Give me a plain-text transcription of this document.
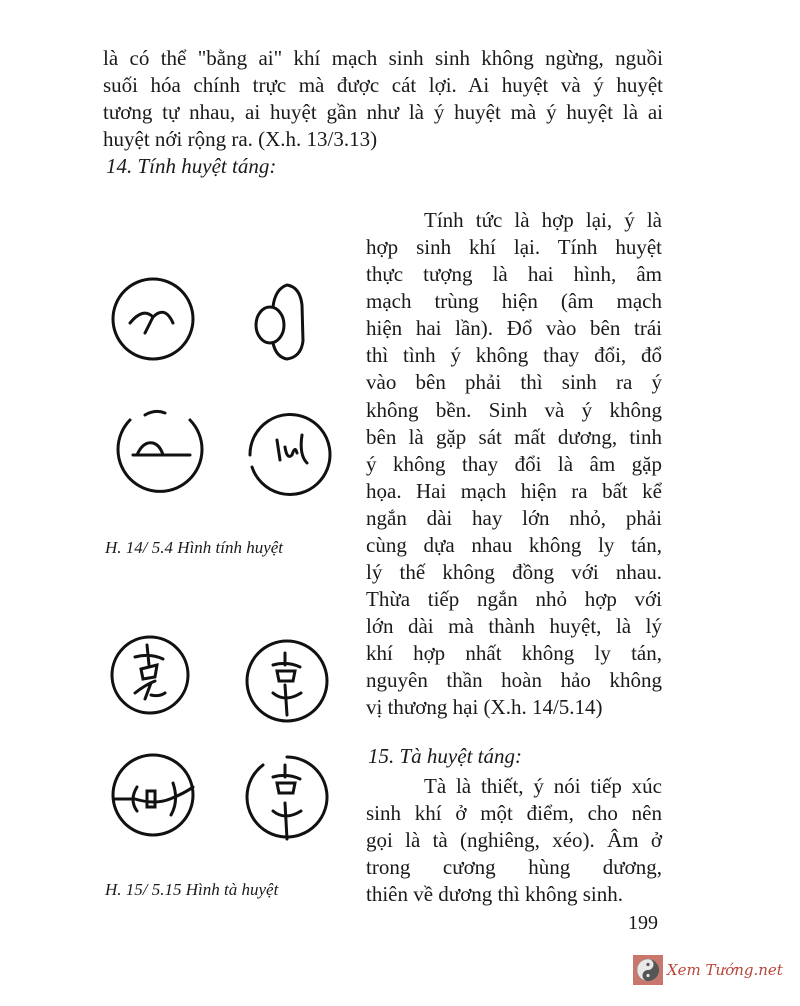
là có thể "bằng ai" khí mạch sinh sinh không ngừng, nguồi
suối hóa chính trực mà được cát lợi. Ai huyệt và ý huyệt
tương tự nhau, ai huyệt gần như là ý huyệt mà ý huyệt là ai
huyệt nới rộng ra. (X.h. 13/3.13)
14. Tính huyệt táng:
Tính tức là hợp lại, ý là
hợp sinh khí lại. Tính huyệt
thực tượng là hai hình, âm
mạch trùng hiện (âm mạch
hiện hai lần). Đổ vào bên trái
thì tình ý không thay đổi, đổ
vào bên phải thì sinh ra ý
không bền. Sinh và ý không
bên là gặp sát mất dương, tinh
ý không thay đổi là âm gặp
họa. Hai mạch hiện ra bất kể
ngắn dài hay lớn nhỏ, phải
cùng dựa nhau không ly tán,
lý thế không đồng với nhau.
Thừa tiếp ngắn nhỏ hợp với
lớn dài mà thành huyệt, là lý
khí hợp nhất không ly tán,
nguyên thần hoàn hảo không
vị thương hại (X.h. 14/5.14)
H. 14/ 5.4 Hình tính huyệt
H. 15/ 5.15 Hình tà huyệt
15. Tà huyệt táng:
Tà là thiết, ý nói tiếp xúc
sinh khí ở một điểm, cho nên
gọi là tà (nghiêng, xéo). Âm ở
trong cương hùng dương,
thiên về dương thì không sinh.
199
Xem Tướng.net
